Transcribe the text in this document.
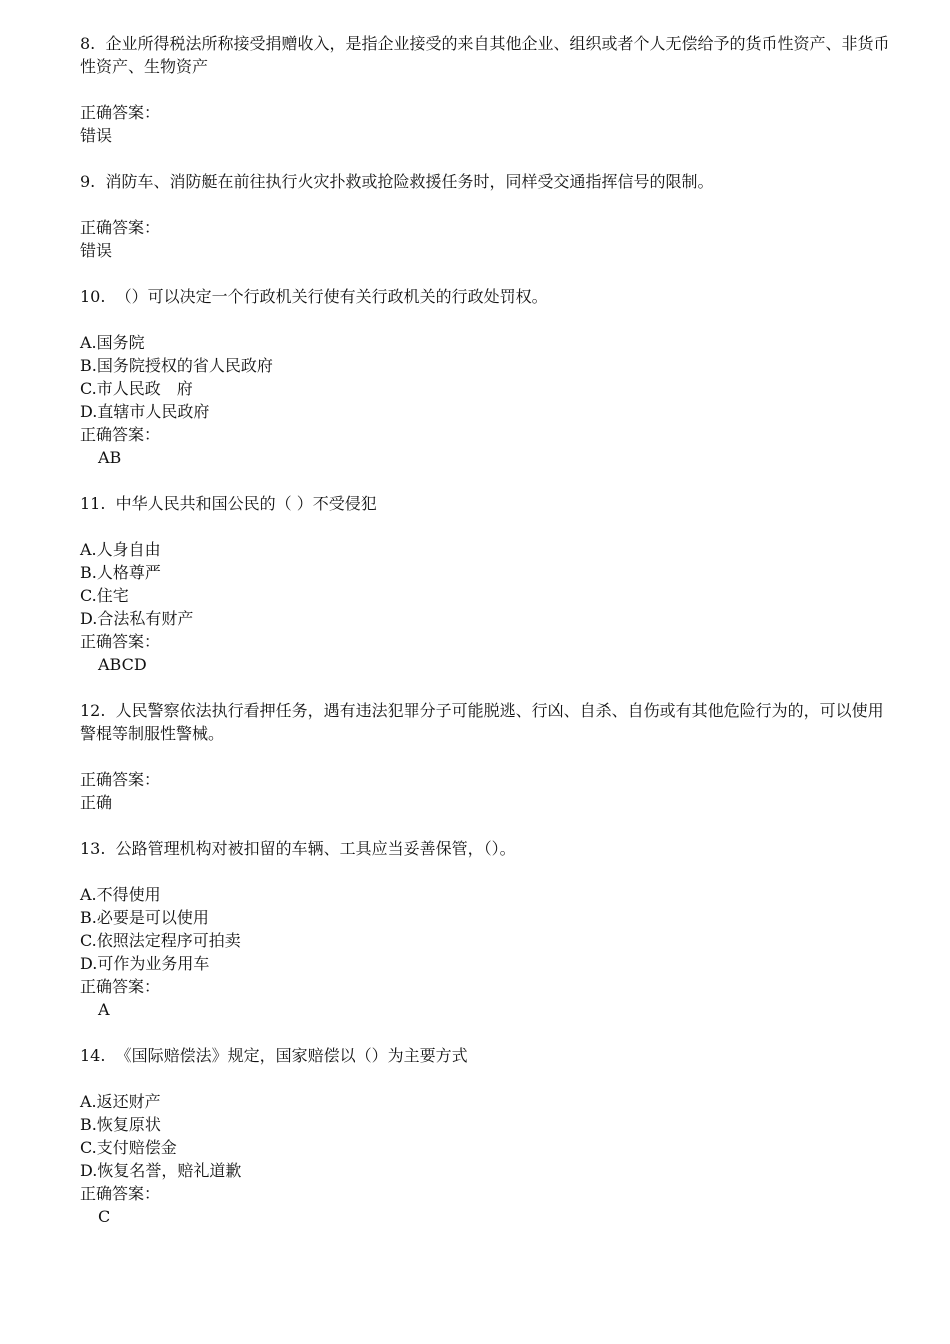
8.  企业所得税法所称接受捐赠收入，是指企业接受的来自其他企业、组织或者个人无偿给予的货币性资产、非货币性资产、生物资产
正确答案：
错误
9.  消防车、消防艇在前往执行火灾扑救或抢险救援任务时，同样受交通指挥信号的限制。
正确答案：
错误
10.  （）可以决定一个行政机关行使有关行政机关的行政处罚权。
A.国务院
B.国务院授权的省人民政府
C.市人民政　府
D.直辖市人民政府
正确答案：
AB
11.  中华人民共和国公民的（ ）不受侵犯
A.人身自由
B.人格尊严
C.住宅
D.合法私有财产
正确答案：
ABCD
12.  人民警察依法执行看押任务，遇有违法犯罪分子可能脱逃、行凶、自杀、自伤或有其他危险行为的，可以使用警棍等制服性警械。
正确答案：
正确
13.  公路管理机构对被扣留的车辆、工具应当妥善保管，（）。
A.不得使用
B.必要是可以使用
C.依照法定程序可拍卖
D.可作为业务用车
正确答案：
A
14.  《国际赔偿法》规定，国家赔偿以（）为主要方式
A.返还财产
B.恢复原状
C.支付赔偿金
D.恢复名誉，赔礼道歉
正确答案：
C
